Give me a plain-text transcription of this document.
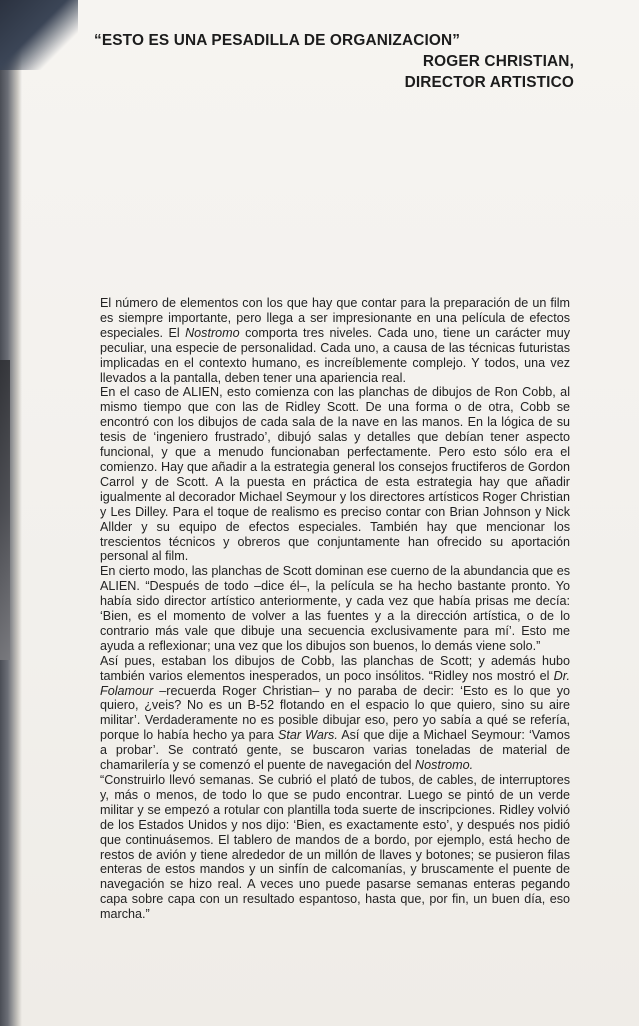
“ESTO ES UNA PESADILLA DE ORGANIZACION”
ROGER CHRISTIAN,
DIRECTOR ARTISTICO

El número de elementos con los que hay que contar para la preparación de un film es siempre importante, pero llega a ser impresionante en una película de efectos especiales. El Nostromo comporta tres niveles. Cada uno, tiene un carácter muy peculiar, una especie de personalidad. Cada uno, a causa de las técnicas futuristas implicadas en el contexto humano, es increíblemente complejo. Y todos, una vez llevados a la pantalla, deben tener una apariencia real.

En el caso de ALIEN, esto comienza con las planchas de dibujos de Ron Cobb, al mismo tiempo que con las de Ridley Scott. De una forma o de otra, Cobb se encontró con los dibujos de cada sala de la nave en las manos. En la lógica de su tesis de ‘ingeniero frustrado’, dibujó salas y detalles que debían tener aspecto funcional, y que a menudo funcionaban perfectamente. Pero esto sólo era el comienzo. Hay que añadir a la estrategia general los consejos fructiferos de Gordon Carrol y de Scott. A la puesta en práctica de esta estrategia hay que añadir igualmente al decorador Michael Seymour y los directores artísticos Roger Christian y Les Dilley. Para el toque de realismo es preciso contar con Brian Johnson y Nick Allder y su equipo de efectos especiales. También hay que mencionar los trescientos técnicos y obreros que conjuntamente han ofrecido su aportación personal al film.

En cierto modo, las planchas de Scott dominan ese cuerno de la abundancia que es ALIEN. “Después de todo –dice él–, la película se ha hecho bastante pronto. Yo había sido director artístico anteriormente, y cada vez que había prisas me decía: ‘Bien, es el momento de volver a las fuentes y a la dirección artística, o de lo contrario más vale que dibuje una secuencia exclusivamente para mí’. Esto me ayuda a reflexionar; una vez que los dibujos son buenos, lo demás viene solo.”

Así pues, estaban los dibujos de Cobb, las planchas de Scott; y además hubo también varios elementos inesperados, un poco insólitos. “Ridley nos mostró el Dr. Folamour –recuerda Roger Christian– y no paraba de decir: ‘Esto es lo que yo quiero, ¿veis? No es un B-52 flotando en el espacio lo que quiero, sino su aire militar’. Verdaderamente no es posible dibujar eso, pero yo sabía a qué se refería, porque lo había hecho ya para Star Wars. Así que dije a Michael Seymour: ‘Vamos a probar’. Se contrató gente, se buscaron varias toneladas de material de chamarilería y se comenzó el puente de navegación del Nostromo.

“Construirlo llevó semanas. Se cubrió el plató de tubos, de cables, de interruptores y, más o menos, de todo lo que se pudo encontrar. Luego se pintó de un verde militar y se empezó a rotular con plantilla toda suerte de inscripciones. Ridley volvió de los Estados Unidos y nos dijo: ‘Bien, es exactamente esto’, y después nos pidió que continuásemos. El tablero de mandos de a bordo, por ejemplo, está hecho de restos de avión y tiene alrededor de un millón de llaves y botones; se pusieron filas enteras de estos mandos y un sinfín de calcomanías, y bruscamente el puente de navegación se hizo real. A veces uno puede pasarse semanas enteras pegando capa sobre capa con un resultado espantoso, hasta que, por fin, un buen día, eso marcha.”
